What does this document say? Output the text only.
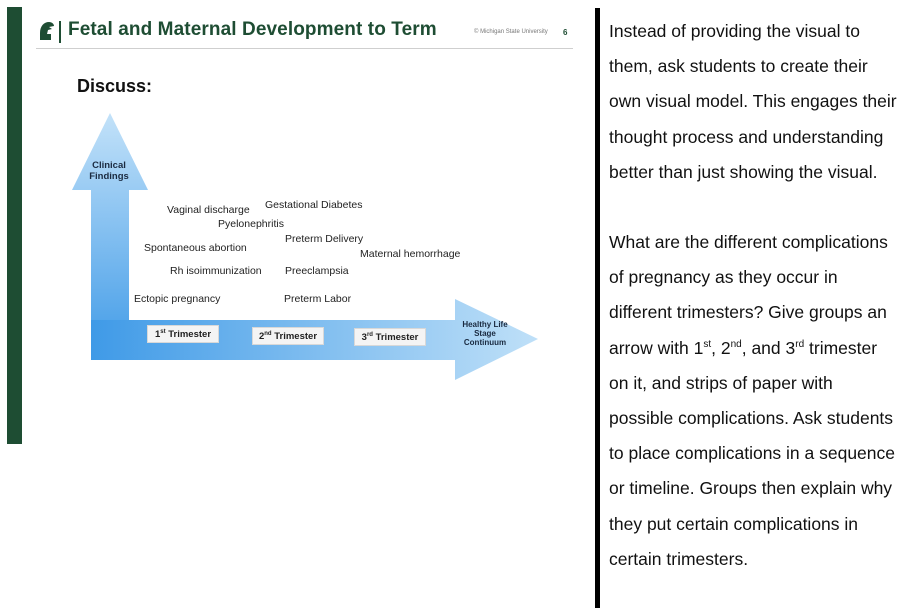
Fetal and Maternal Development to Term	© Michigan State University 6
Discuss:
Clinical Findings
Healthy Life Stage Continuum
Vaginal discharge Gestational Diabetes
Pyelonephritis
Preterm Delivery
Spontaneous abortion	Maternal hemorrhage
Rh isoimmunization Preeclampsia
Ectopic pregnancy	Preterm Labor
1st Trimester	2nd Trimester	3rd Trimester

Instead of providing the visual to them, ask students to create their own visual model. This engages their thought process and understanding better than just showing the visual.

What are the different complications of pregnancy as they occur in different trimesters? Give groups an arrow with 1st, 2nd, and 3rd trimester on it, and strips of paper with possible complications. Ask students to place complications in a sequence or timeline. Groups then explain why they put certain complications in certain trimesters.
